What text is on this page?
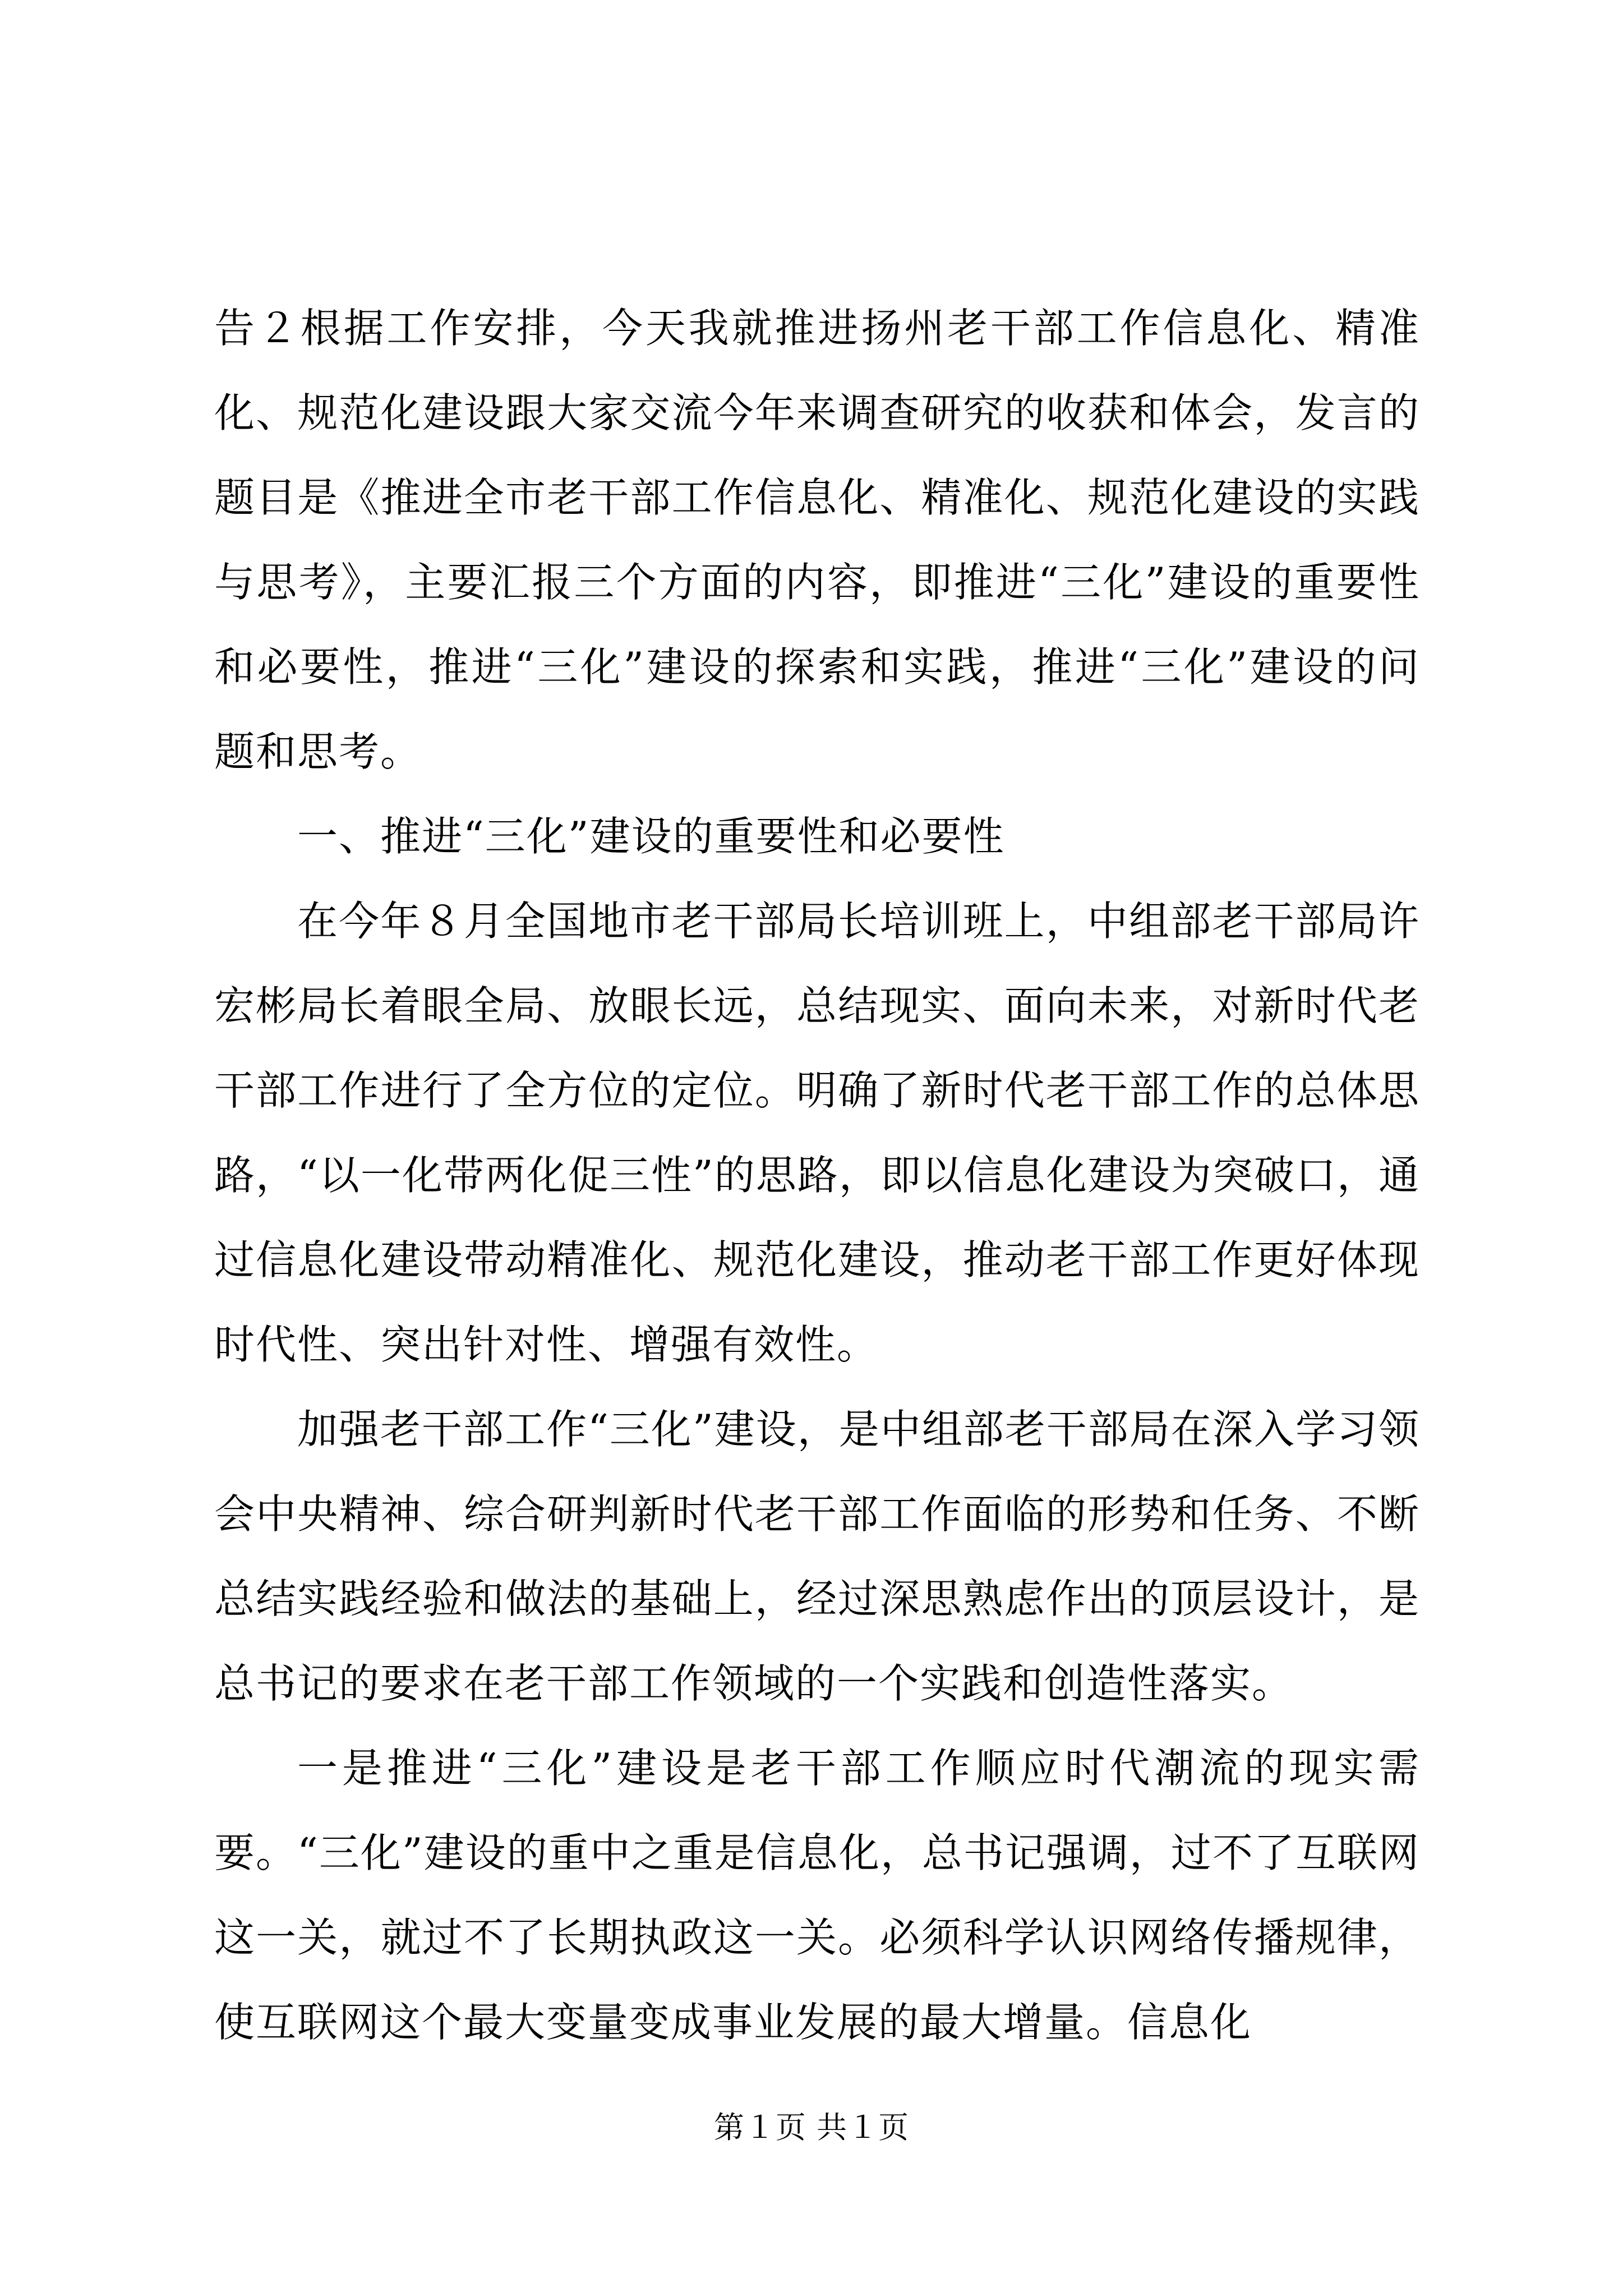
告２根据工作安排，今天我就推进扬州老干部工作信息化、精准化、规范化建设跟大家交流今年来调查研究的收获和体会，发言的题目是《推进全市老干部工作信息化、精准化、规范化建设的实践与思考》，主要汇报三个方面的内容，即推进“三化”建设的重要性和必要性，推进“三化”建设的探索和实践，推进“三化”建设的问题和思考。

一、推进“三化”建设的重要性和必要性

在今年８月全国地市老干部局长培训班上，中组部老干部局许宏彬局长着眼全局、放眼长远，总结现实、面向未来，对新时代老干部工作进行了全方位的定位。明确了新时代老干部工作的总体思路，“以一化带两化促三性”的思路，即以信息化建设为突破口，通过信息化建设带动精准化、规范化建设，推动老干部工作更好体现时代性、突出针对性、增强有效性。

加强老干部工作“三化”建设，是中组部老干部局在深入学习领会中央精神、综合研判新时代老干部工作面临的形势和任务、不断总结实践经验和做法的基础上，经过深思熟虑作出的顶层设计，是总书记的要求在老干部工作领域的一个实践和创造性落实。

一是推进“三化”建设是老干部工作顺应时代潮流的现实需要。“三化”建设的重中之重是信息化，总书记强调，过不了互联网这一关，就过不了长期执政这一关。必须科学认识网络传播规律，使互联网这个最大变量变成事业发展的最大增量。信息化

第１页 共１页
